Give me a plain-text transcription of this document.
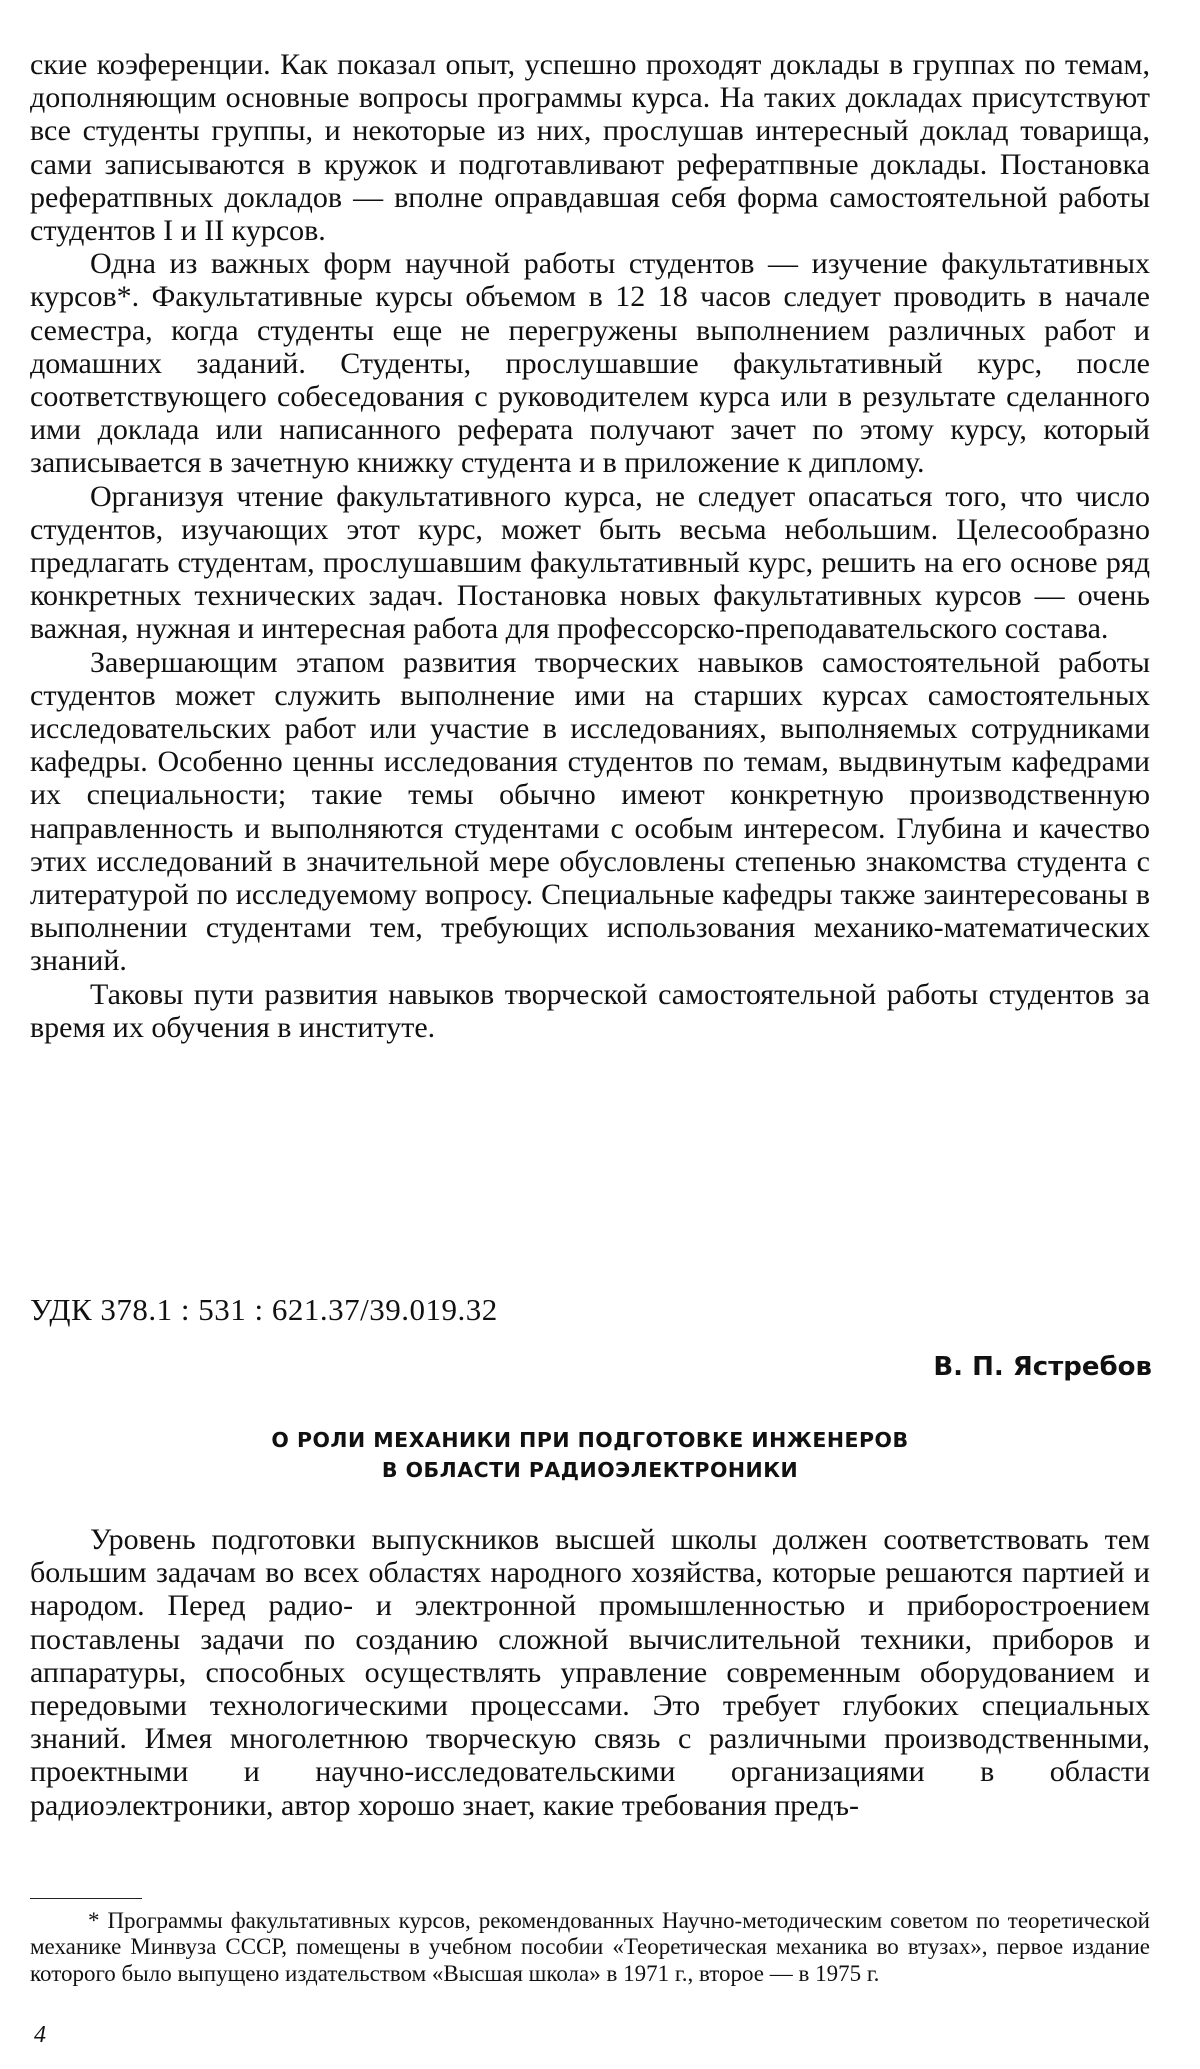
ские коэференции. Как показал опыт, успешно проходят доклады в группах по темам, дополняющим основные вопросы программы курса. На таких докладах присутствуют все студенты группы, и некоторые из них, прослушав интересный доклад товарища, сами записываются в кружок и подготавливают рефератпвные доклады. Постановка рефератпвных докладов — вполне оправдавшая себя форма самостоятельной работы студентов I и II курсов.

Одна из важных форм научной работы студентов — изучение факультативных курсов*. Факультативные курсы объемом в 12 18 часов следует проводить в начале семестра, когда студенты еще не перегружены выполнением различных работ и домашних заданий. Студенты, прослушавшие факультативный курс, после соответствующего собеседования с руководителем курса или в результате сделанного ими доклада или написанного реферата получают зачет по этому курсу, который записывается в зачетную книжку студента и в приложение к диплому.

Организуя чтение факультативного курса, не следует опасаться того, что число студентов, изучающих этот курс, может быть весьма небольшим. Целесообразно предлагать студентам, прослушавшим факультативный курс, решить на его основе ряд конкретных технических задач. Постановка новых факультативных курсов — очень важная, нужная и интересная работа для профессорско-преподавательского состава.

Завершающим этапом развития творческих навыков самостоятельной работы студентов может служить выполнение ими на старших курсах самостоятельных исследовательских работ или участие в исследованиях, выполняемых сотрудниками кафедры. Особенно ценны исследования студентов по темам, выдвинутым кафедрами их специальности; такие темы обычно имеют конкретную производственную направленность и выполняются студентами с особым интересом. Глубина и качество этих исследований в значительной мере обусловлены степенью знакомства студента с литературой по исследуемому вопросу. Специальные кафедры также заинтересованы в выполнении студентами тем, требующих использования механико-математических знаний.

Таковы пути развития навыков творческой самостоятельной работы студентов за время их обучения в институте.

УДК 378.1 : 531 : 621.37/39.019.32
В. П. Ястребов
О РОЛИ МЕХАНИКИ ПРИ ПОДГОТОВКЕ ИНЖЕНЕРОВ
В ОБЛАСТИ РАДИОЭЛЕКТРОНИКИ

Уровень подготовки выпускников высшей школы должен соответствовать тем большим задачам во всех областях народного хозяйства, которые решаются партией и народом. Перед радио- и электронной промышленностью и приборостроением поставлены задачи по созданию сложной вычислительной техники, приборов и аппаратуры, способных осуществлять управление современным оборудованием и передовыми технологическими процессами. Это требует глубоких специальных знаний. Имея многолетнюю творческую связь с различными производственными, проектными и научно-исследовательскими организациями в области радиоэлектроники, автор хорошо знает, какие требования предъ-

* Программы факультативных курсов, рекомендованных Научно-методическим советом по теоретической механике Минвуза СССР, помещены в учебном пособии «Теоретическая механика во втузах», первое издание которого было выпущено издательством «Высшая школа» в 1971 г., второе — в 1975 г.

4
